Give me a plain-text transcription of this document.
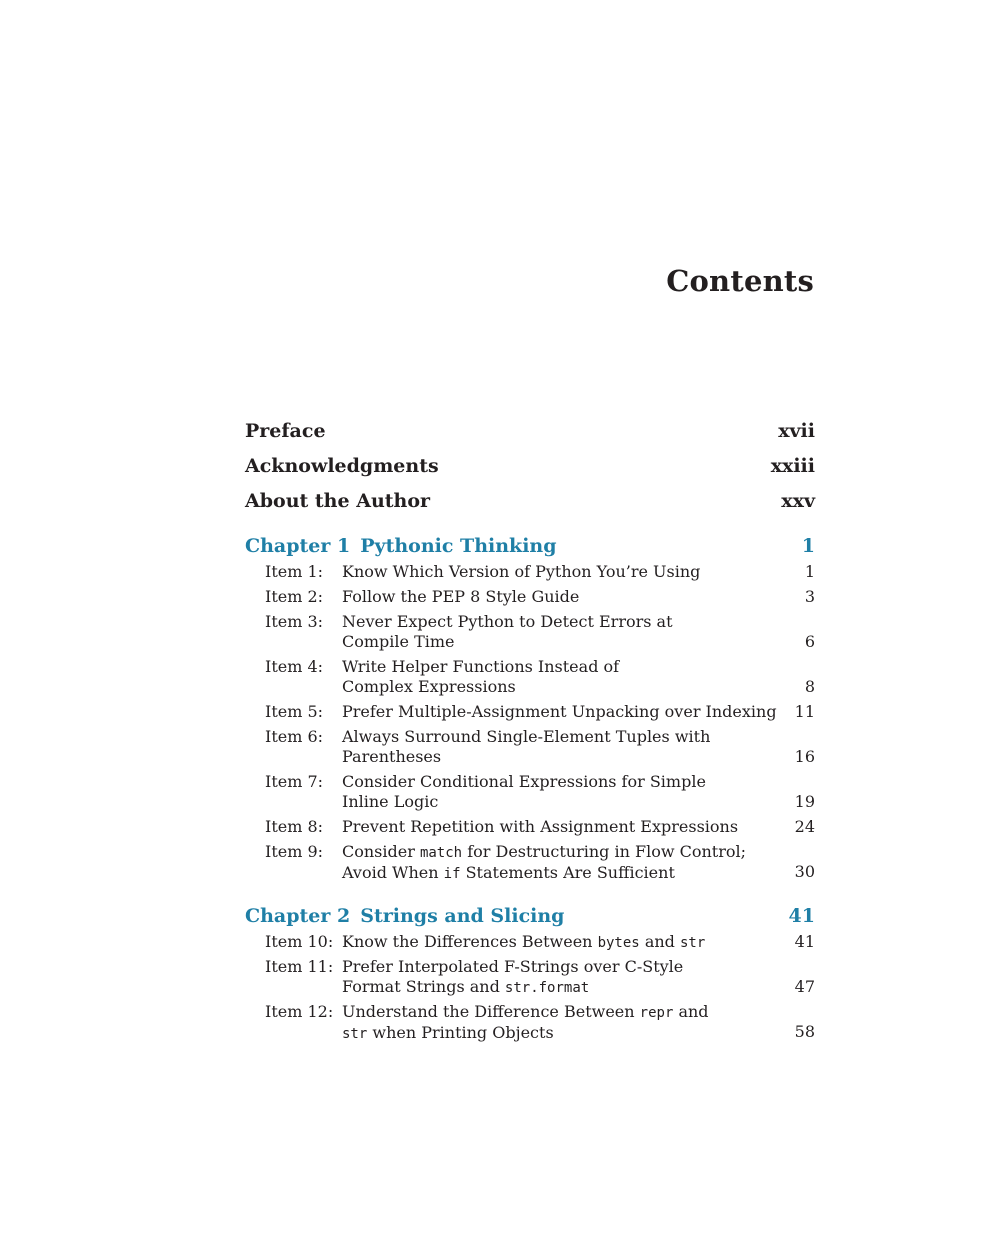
Contents
Preface	xvii
Acknowledgments	xxiii
About the Author	xxv
Chapter 1 Pythonic Thinking	1
Item 1: Know Which Version of Python You’re Using	1
Item 2: Follow the PEP 8 Style Guide	3
Item 3: Never Expect Python to Detect Errors at
Compile Time	6
Item 4: Write Helper Functions Instead of
Complex Expressions	8
Item 5: Prefer Multiple-Assignment Unpacking over Indexing	11
Item 6: Always Surround Single-Element Tuples with
Parentheses	16
Item 7: Consider Conditional Expressions for Simple
Inline Logic	19
Item 8: Prevent Repetition with Assignment Expressions	24
Item 9: Consider match for Destructuring in Flow Control;
Avoid When if Statements Are Sufficient	30
Chapter 2 Strings and Slicing	41
Item 10: Know the Differences Between bytes and str	41
Item 11: Prefer Interpolated F-Strings over C-Style
Format Strings and str.format	47
Item 12: Understand the Difference Between repr and
str when Printing Objects	58
